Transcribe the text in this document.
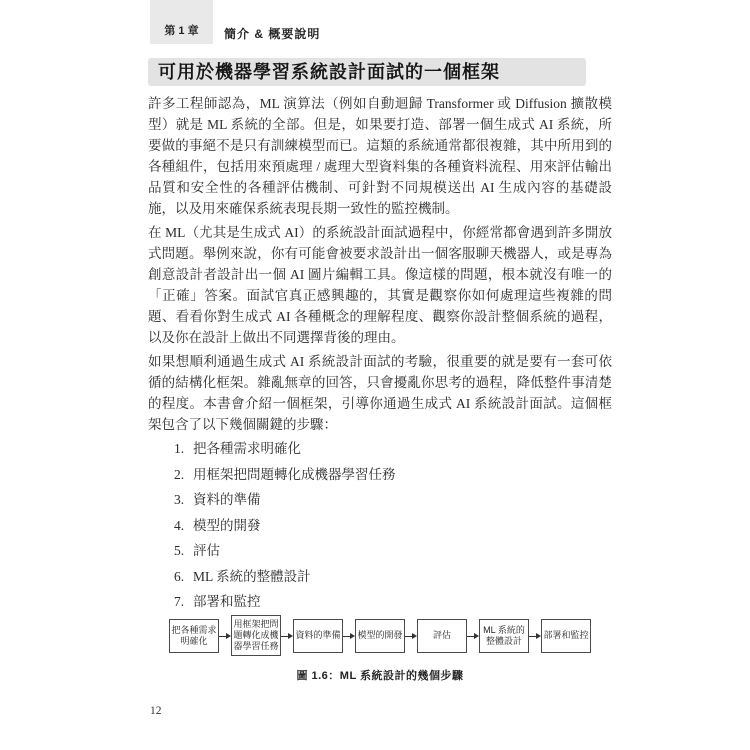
第 1 章 簡介 & 概要說明
可用於機器學習系統設計面試的一個框架

許多工程師認為，ML 演算法（例如自動迴歸 Transformer 或 Diffusion 擴散模型）就是 ML 系統的全部。但是，如果要打造、部署一個生成式 AI 系統，所要做的事絕不是只有訓練模型而已。這類的系統通常都很複雜，其中所用到的各種組件，包括用來預處理 / 處理大型資料集的各種資料流程、用來評估輸出品質和安全性的各種評估機制、可針對不同規模送出 AI 生成內容的基礎設施，以及用來確保系統表現長期一致性的監控機制。

在 ML（尤其是生成式 AI）的系統設計面試過程中，你經常都會遇到許多開放式問題。舉例來說，你有可能會被要求設計出一個客服聊天機器人，或是專為創意設計者設計出一個 AI 圖片編輯工具。像這樣的問題，根本就沒有唯一的「正確」答案。面試官真正感興趣的，其實是觀察你如何處理這些複雜的問題、看看你對生成式 AI 各種概念的理解程度、觀察你設計整個系統的過程，以及你在設計上做出不同選擇背後的理由。

如果想順利通過生成式 AI 系統設計面試的考驗，很重要的就是要有一套可依循的結構化框架。雜亂無章的回答，只會擾亂你思考的過程，降低整件事清楚的程度。本書會介紹一個框架，引導你通過生成式 AI 系統設計面試。這個框架包含了以下幾個關鍵的步驟：

1. 把各種需求明確化
2. 用框架把問題轉化成機器學習任務
3. 資料的準備
4. 模型的開發
5. 評估
6. ML 系統的整體設計
7. 部署和監控
把各種需求明確化
用框架把問題轉化成機器學習任務
資料的準備 模型的開發	評估
ML 系統的整體設計
部署和監控
圖 1.6：ML 系統設計的幾個步驟
12
